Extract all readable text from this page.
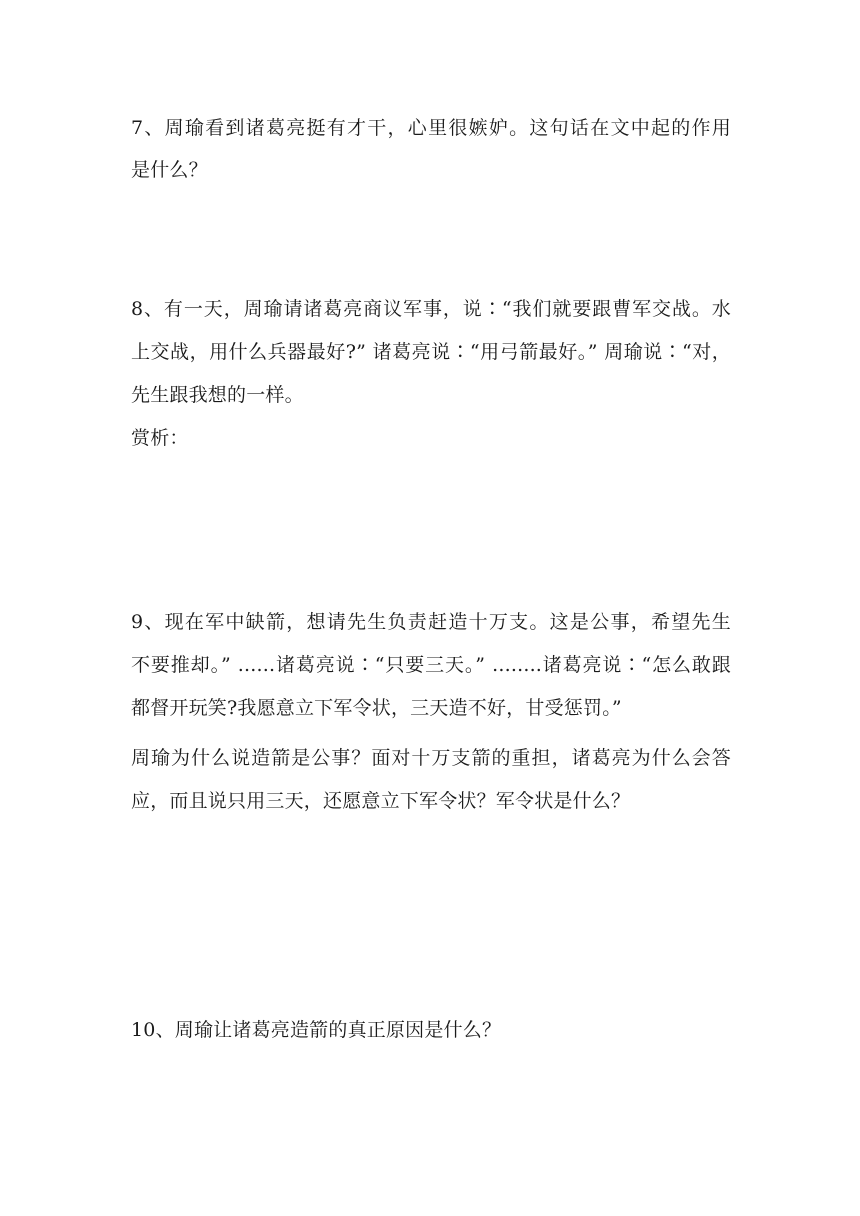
7、周瑜看到诸葛亮挺有才干，心里很嫉妒。这句话在文中起的作用
是什么？
8、有一天，周瑜请诸葛亮商议军事，说∶“我们就要跟曹军交战。水
上交战，用什么兵器最好?” 诸葛亮说∶“用弓箭最好。” 周瑜说∶“对，
先生跟我想的一样。
赏析：
9、现在军中缺箭，想请先生负责赶造十万支。这是公事，希望先生
不要推却。” ......诸葛亮说∶“只要三天。” ........诸葛亮说∶“怎么敢跟
都督开玩笑?我愿意立下军令状，三天造不好，甘受惩罚。”
周瑜为什么说造箭是公事？面对十万支箭的重担，诸葛亮为什么会答
应，而且说只用三天，还愿意立下军令状？军令状是什么？
10、周瑜让诸葛亮造箭的真正原因是什么？
